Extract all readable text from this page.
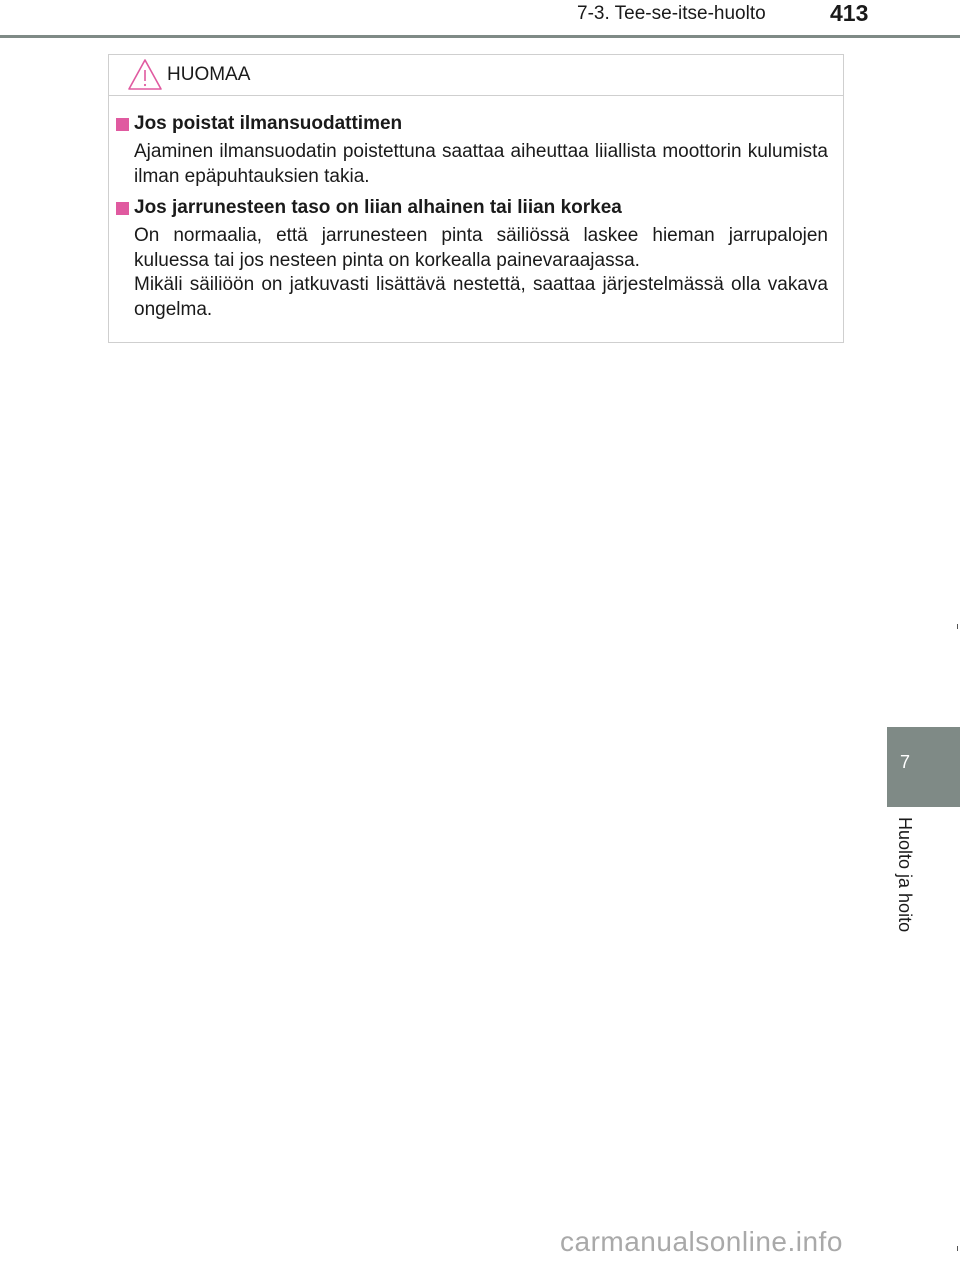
7-3. Tee-se-itse-huolto	413
HUOMAA
Jos poistat ilmansuodattimen

Ajaminen ilmansuodatin poistettuna saattaa aiheuttaa liiallista moottorin kulumista ilman epäpuhtauksien takia.

Jos jarrunesteen taso on liian alhainen tai liian korkea

On normaalia, että jarrunesteen pinta säiliössä laskee hieman jarrupalojen kuluessa tai jos nesteen pinta on korkealla painevaraajassa.

Mikäli säiliöön on jatkuvasti lisättävä nestettä, saattaa järjestelmässä olla vakava ongelma.

7
Huolto ja hoito
carmanualsonline.info
